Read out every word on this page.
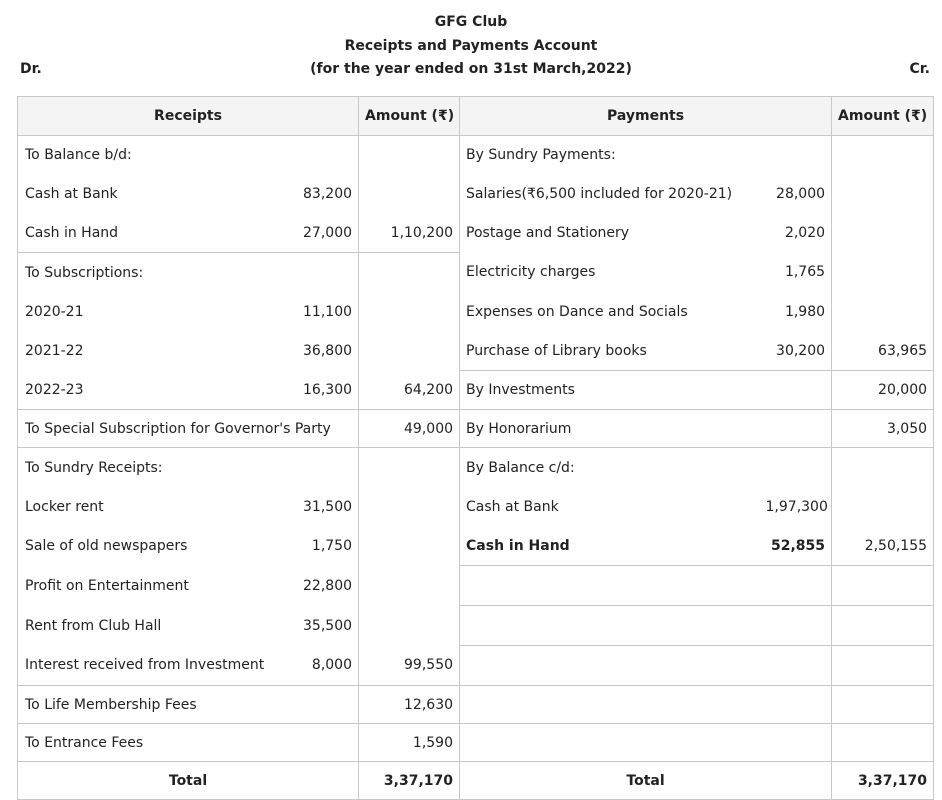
GFG Club
Receipts and Payments Account
(for the year ended on 31st March,2022)
Dr.	Cr.
Receipts		Amount (₹)	Payments		Amount (₹)
To Balance b/d:			By Sundry Payments:		
Cash at Bank	83,200		Salaries(₹6,500 included for 2020-21)	28,000	
Cash in Hand	27,000	1,10,200	Postage and Stationery	2,020	
To Subscriptions:			Electricity charges	1,765	
2020-21	11,100		Expenses on Dance and Socials	1,980	
2021-22	36,800		Purchase of Library books	30,200	63,965
2022-23	16,300	64,200	By Investments		20,000
To Special Subscription for Governor's Party		49,000	By Honorarium		3,050
To Sundry Receipts:			By Balance c/d:		
Locker rent	31,500		Cash at Bank	1,97,300	
Sale of old newspapers	1,750		Cash in Hand	52,855	2,50,155
Profit on Entertainment	22,800				
Rent from Club Hall	35,500				
Interest received from Investment	8,000	99,550			
To Life Membership Fees		12,630			
To Entrance Fees		1,590			
Total		3,37,170	Total		3,37,170
